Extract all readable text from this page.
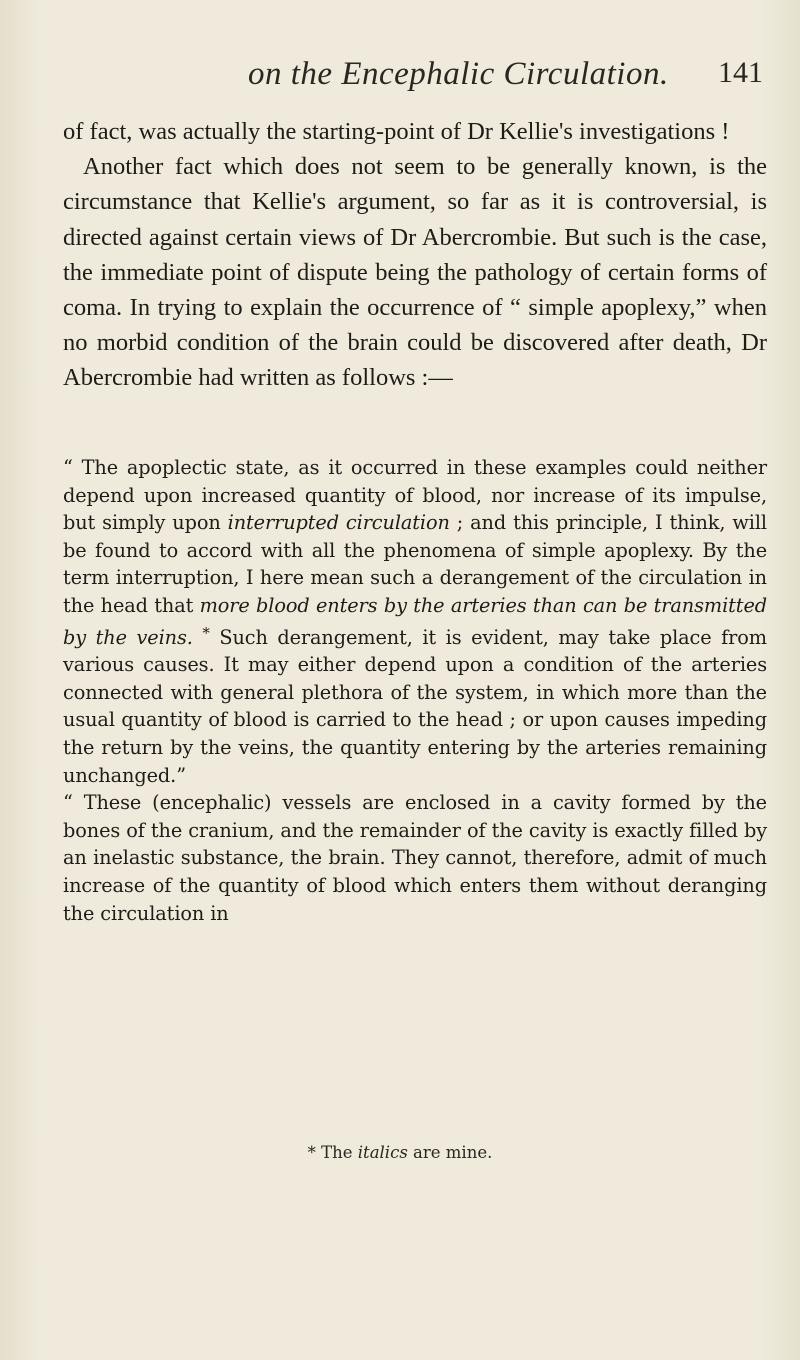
on the Encephalic Circulation. 141

of fact, was actually the starting-point of Dr Kellie's investigations !

Another fact which does not seem to be generally known, is the circumstance that Kellie's argument, so far as it is controversial, is directed against certain views of Dr Abercrombie. But such is the case, the immediate point of dispute being the pathology of certain forms of coma. In trying to explain the occurrence of “ simple apoplexy,” when no morbid condition of the brain could be discovered after death, Dr Abercrombie had written as follows :—

“ The apoplectic state, as it occurred in these examples could neither depend upon increased quantity of blood, nor increase of its impulse, but simply upon interrupted circulation ; and this principle, I think, will be found to accord with all the phenomena of simple apoplexy. By the term interruption, I here mean such a derangement of the circulation in the head that more blood enters by the arteries than can be transmitted by the veins. * Such derangement, it is evident, may take place from various causes. It may either depend upon a condition of the arteries connected with general plethora of the system, in which more than the usual quantity of blood is carried to the head ; or upon causes impeding the return by the veins, the quantity entering by the arteries remaining unchanged.”

“ These (encephalic) vessels are enclosed in a cavity formed by the bones of the cranium, and the remainder of the cavity is exactly filled by an inelastic substance, the brain. They cannot, therefore, admit of much increase of the quantity of blood which enters them without deranging the circulation in

* The italics are mine.
